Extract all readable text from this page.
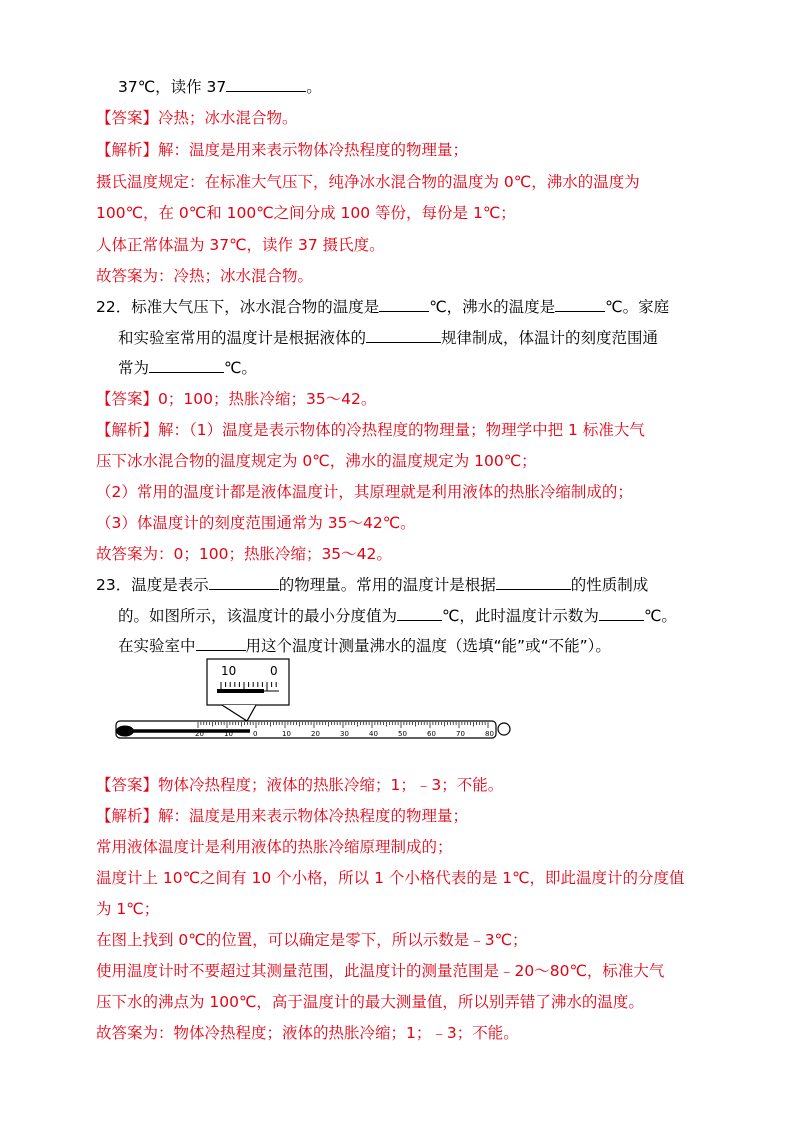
37℃，读作 37	。
【答案】冷热；冰水混合物。
【解析】解：温度是用来表示物体冷热程度的物理量；
摄氏温度规定：在标准大气压下，纯净冰水混合物的温度为 0℃，沸水的温度为
100℃，在 0℃和 100℃之间分成 100 等份，每份是 1℃；
人体正常体温为 37℃，读作 37 摄氏度。
故答案为：冷热；冰水混合物。
22．标准大气压下，冰水混合物的温度是	℃，沸水的温度是	℃。家庭
和实验室常用的温度计是根据液体的	规律制成，体温计的刻度范围通
常为	℃。
【答案】0；100；热胀冷缩；35～42。
【解析】解：（1）温度是表示物体的冷热程度的物理量；物理学中把 1 标准大气
压下冰水混合物的温度规定为 0℃，沸水的温度规定为 100℃；
（2）常用的温度计都是液体温度计，其原理就是利用液体的热胀冷缩制成的；
（3）体温度计的刻度范围通常为 35～42℃。
故答案为：0；100；热胀冷缩；35～42。
23．温度是表示	的物理量。常用的温度计是根据	的性质制成
的。如图所示，该温度计的最小分度值为	℃，此时温度计示数为	℃。
在实验室中	用这个温度计测量沸水的温度（选填“能”或“不能”）。
10	0
20	10	0	10	20	30	40	50	60	70	80
【答案】物体冷热程度；液体的热胀冷缩；1；﹣3；不能。
【解析】解：温度是用来表示物体冷热程度的物理量；
常用液体温度计是利用液体的热胀冷缩原理制成的；
温度计上 10℃之间有 10 个小格，所以 1 个小格代表的是 1℃，即此温度计的分度值
为 1℃；
在图上找到 0℃的位置，可以确定是零下，所以示数是﹣3℃；
使用温度计时不要超过其测量范围，此温度计的测量范围是﹣20～80℃，标准大气
压下水的沸点为 100℃，高于温度计的最大测量值，所以别弄错了沸水的温度。
故答案为：物体冷热程度；液体的热胀冷缩；1；﹣3；不能。
